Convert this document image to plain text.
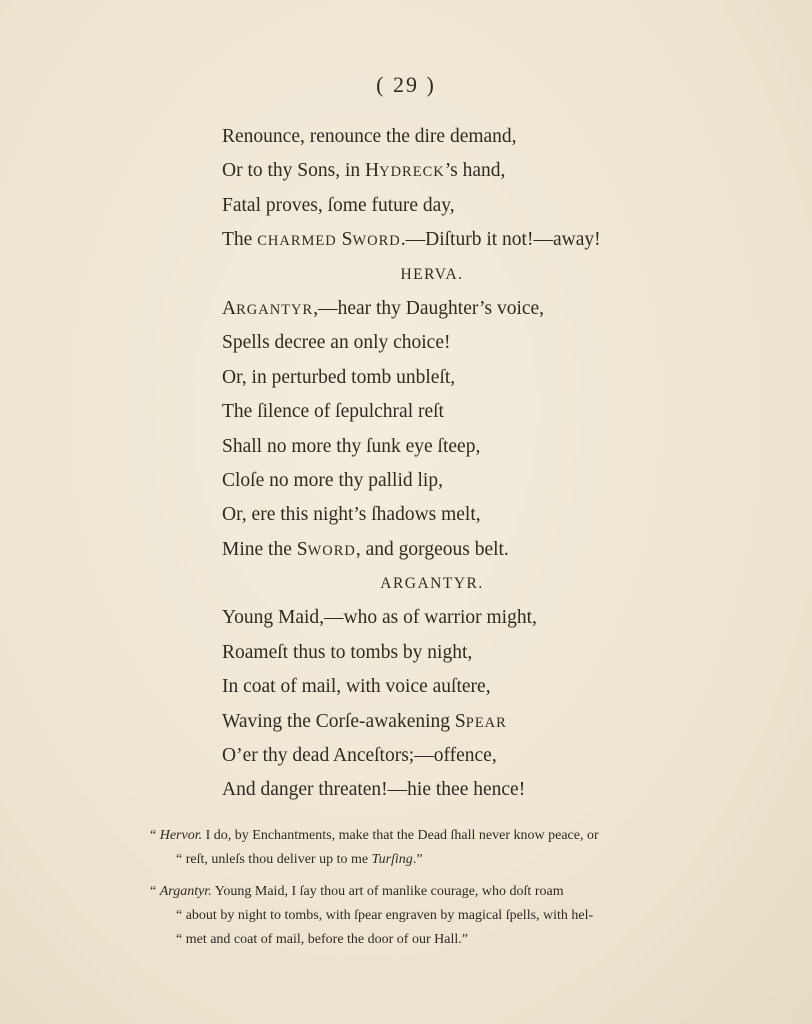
( 29 )
Renounce, renounce the dire demand,
Or to thy Sons, in HYDRECK’s hand,
Fatal proves, ſome future day,
The CHARMED SWORD.—Diſturb it not!—away!
HERVA.
ARGANTYR,—hear thy Daughter’s voice,
Spells decree an only choice!
Or, in perturbed tomb unbleſt,
The ſilence of ſepulchral reſt
Shall no more thy ſunk eye ſteep,
Cloſe no more thy pallid lip,
Or, ere this night’s ſhadows melt,
Mine the SWORD, and gorgeous belt.
ARGANTYR.
Young Maid,—who as of warrior might,
Roameſt thus to tombs by night,
In coat of mail, with voice auſtere,
Waving the Corſe-awakening SPEAR
O’er thy dead Anceſtors;—offence,
And danger threaten!—hie thee hence!
“ Hervor. I do, by Enchantments, make that the Dead ſhall never know peace, or
“ reſt, unleſs thou deliver up to me Turſing.”
“ Argantyr. Young Maid, I ſay thou art of manlike courage, who doſt roam
“ about by night to tombs, with ſpear engraven by magical ſpells, with hel-
“ met and coat of mail, before the door of our Hall.”
